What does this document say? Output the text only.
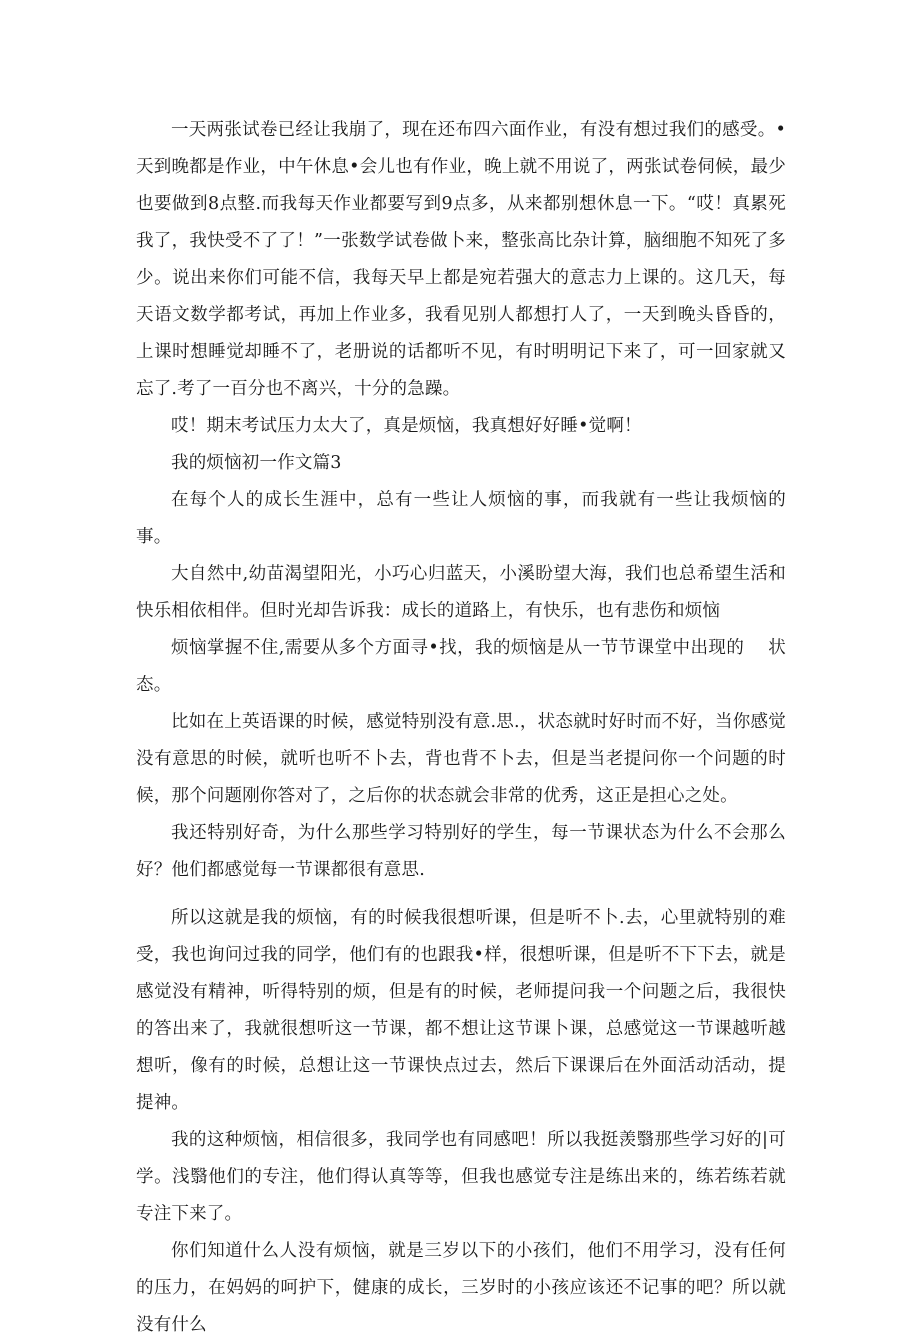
一天两张试卷已经让我崩了，现在还布四六面作业，有没有想过我们的感受。•天到晚都是作业，中午休息•会儿也有作业，晚上就不用说了，两张试卷伺候，最少也要做到8点整.而我每天作业都要写到9点多，从来都别想休息一下。“哎！真累死我了，我快受不了了！”一张数学试卷做卜来，整张高比杂计算，脑细胞不知死了多少。说出来你们可能不信，我每天早上都是宛若强大的意志力上课的。这几天，每天语文数学都考试，再加上作业多，我看见别人都想打人了，一天到晚头昏昏的，上课时想睡觉却睡不了，老册说的话都听不见，有时明明记下来了，可一回家就又忘了.考了一百分也不离兴，十分的急躁。

哎！期末考试压力太大了，真是烦恼，我真想好好睡•觉啊！

我的烦恼初一作文篇3

在每个人的成长生涯中，总有一些让人烦恼的事，而我就有一些让我烦恼的事。

大自然中,幼苗渴望阳光，小巧心归蓝天，小溪盼望大海，我们也总希望生活和快乐相依相伴。但时光却告诉我：成长的道路上，有快乐，也有悲伤和烦恼

烦恼掌握不住,需要从多个方面寻•找，我的烦恼是从一节节课堂中出现的　 状态。

比如在上英语课的时候，感觉特别没有意.思.，状态就时好时而不好，当你感觉没有意思的时候，就听也听不卜去，背也背不卜去，但是当老提问你一个问题的时候，那个问题刚你答对了，之后你的状态就会非常的优秀，这正是担心之处。

我还特别好奇，为什么那些学习特别好的学生，每一节课状态为什么不会那么好？他们都感觉每一节课都很有意思.

所以这就是我的烦恼，有的时候我很想听课，但是听不卜.去，心里就特别的难受，我也询问过我的同学，他们有的也跟我•样，很想听课，但是听不下下去，就是感觉没有精神，听得特别的烦，但是有的时候，老师提问我一个问题之后，我很快的答出来了，我就很想听这一节课，都不想让这节课卜课，总感觉这一节课越听越想听，像有的时候，总想让这一节课快点过去，然后下课课后在外面活动活动，提提神。

我的这种烦恼，相信很多，我同学也有同感吧！所以我挺羡翳那些学习好的|可学。浅翳他们的专注，他们得认真等等，但我也感觉专注是练出来的，练若练若就专注下来了。

你们知道什么人没有烦恼，就是三岁以下的小孩们，他们不用学习，没有任何的压力，在妈妈的呵护下，健康的成长，三岁时的小孩应该还不记事的吧？所以就没有什么
